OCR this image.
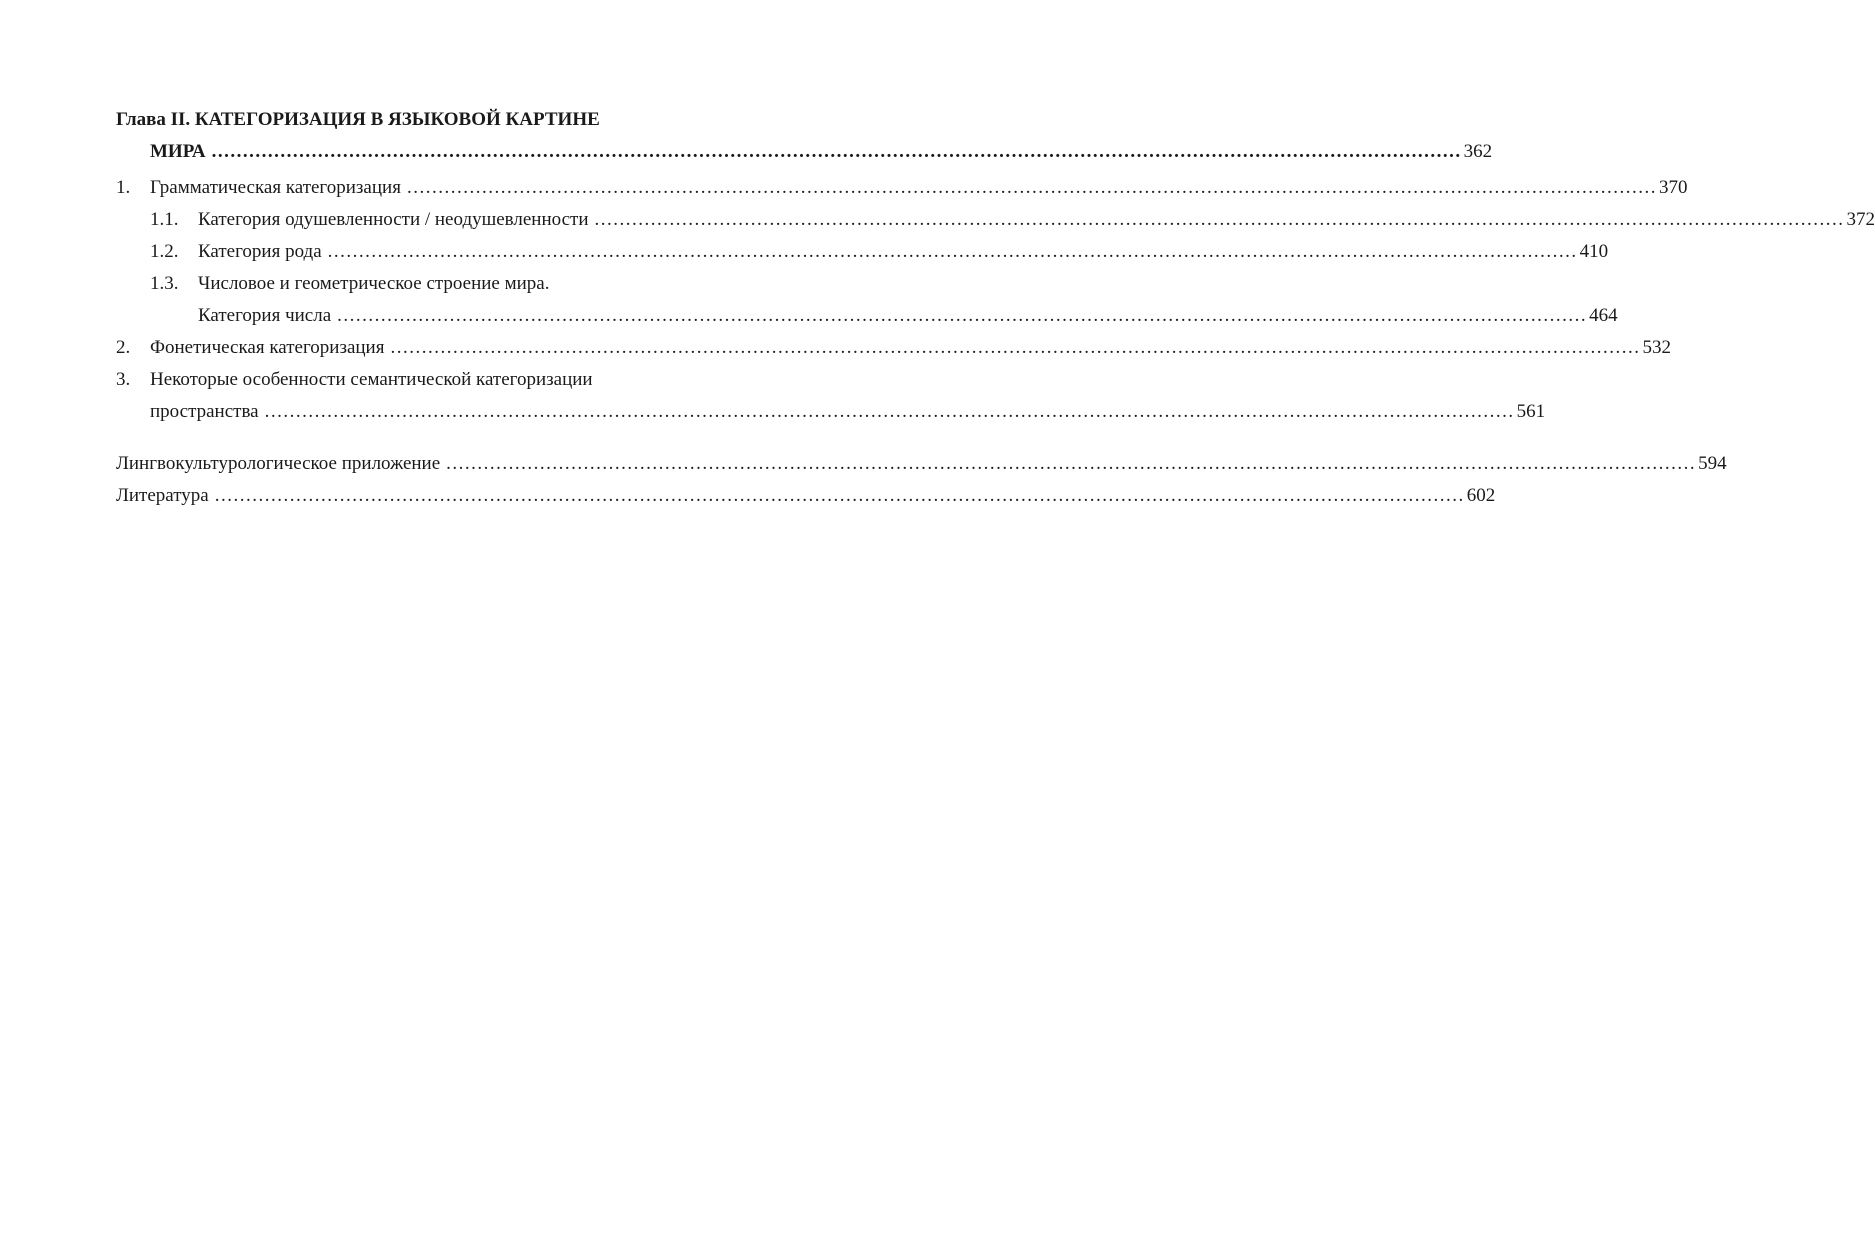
Глава II. КАТЕГОРИЗАЦИЯ В ЯЗЫКОВОЙ КАРТИНЕ
МИРА ........................................................................................................................................................................................................ 362
1. Грамматическая категоризация ........................................................................................................................................................................................................ 370
1.1. Категория одушевленности / неодушевленности ........................................................................................................................................................................................................ 372
1.2. Категория рода ........................................................................................................................................................................................................ 410
1.3. Числовое и геометрическое строение мира.
Категория числа ........................................................................................................................................................................................................ 464
2. Фонетическая категоризация ........................................................................................................................................................................................................ 532
3. Некоторые особенности семантической категоризации
пространства ........................................................................................................................................................................................................ 561
Лингвокультурологическое приложение ........................................................................................................................................................................................................ 594
Литература ........................................................................................................................................................................................................ 602
